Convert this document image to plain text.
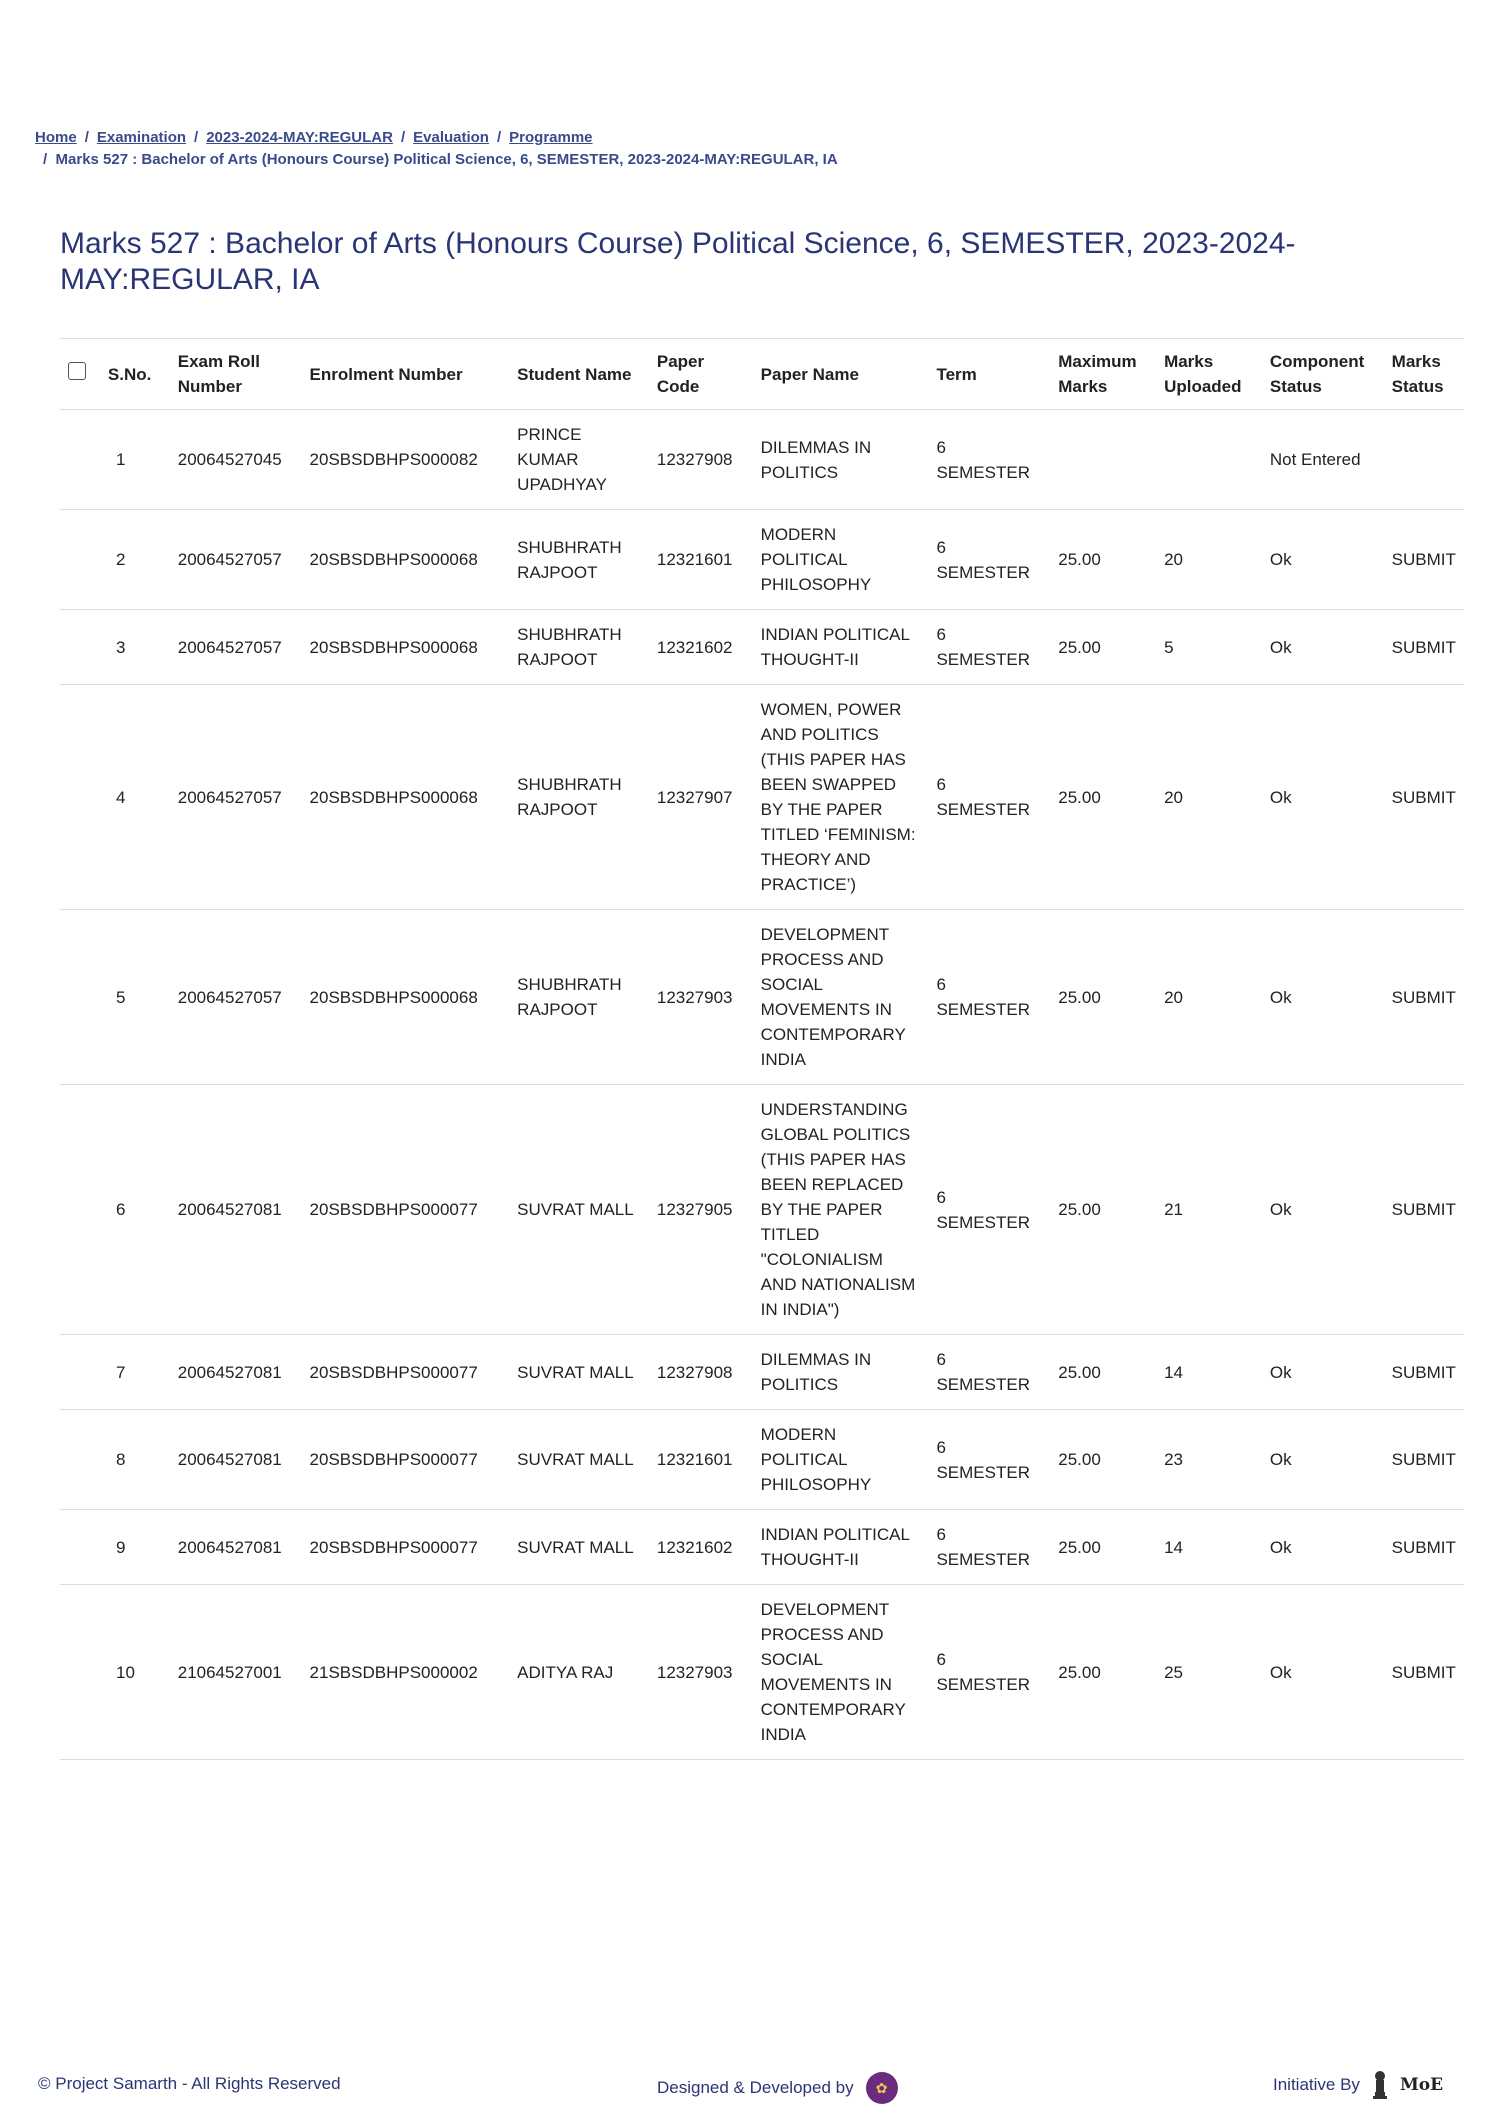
Home / Examination / 2023-2024-MAY:REGULAR / Evaluation / Programme
/ Marks 527 : Bachelor of Arts (Honours Course) Political Science, 6, SEMESTER, 2023-2024-MAY:REGULAR, IA
Marks 527 : Bachelor of Arts (Honours Course) Political Science, 6, SEMESTER, 2023-2024-MAY:REGULAR, IA
	S.No.	Exam Roll Number	Enrolment Number	Student Name	Paper Code	Paper Name	Term	Maximum Marks	Marks Uploaded	Component Status	Marks Status
1		20064527045	20SBSDBHPS000082	PRINCE KUMAR UPADHYAY	12327908	DILEMMAS IN POLITICS	6 SEMESTER			Not Entered	
2		20064527057	20SBSDBHPS000068	SHUBHRATH RAJPOOT	12321601	MODERN POLITICAL PHILOSOPHY	6 SEMESTER	25.00	20	Ok	SUBMIT
3		20064527057	20SBSDBHPS000068	SHUBHRATH RAJPOOT	12321602	INDIAN POLITICAL THOUGHT-II	6 SEMESTER	25.00	5	Ok	SUBMIT
4		20064527057	20SBSDBHPS000068	SHUBHRATH RAJPOOT	12327907	WOMEN, POWER AND POLITICS (THIS PAPER HAS BEEN SWAPPED BY THE PAPER TITLED ‘FEMINISM: THEORY AND PRACTICE’)	6 SEMESTER	25.00	20	Ok	SUBMIT
5		20064527057	20SBSDBHPS000068	SHUBHRATH RAJPOOT	12327903	DEVELOPMENT PROCESS AND SOCIAL MOVEMENTS IN CONTEMPORARY INDIA	6 SEMESTER	25.00	20	Ok	SUBMIT
6		20064527081	20SBSDBHPS000077	SUVRAT MALL	12327905	UNDERSTANDING GLOBAL POLITICS (THIS PAPER HAS BEEN REPLACED BY THE PAPER TITLED "COLONIALISM AND NATIONALISM IN INDIA")	6 SEMESTER	25.00	21	Ok	SUBMIT
7		20064527081	20SBSDBHPS000077	SUVRAT MALL	12327908	DILEMMAS IN POLITICS	6 SEMESTER	25.00	14	Ok	SUBMIT
8		20064527081	20SBSDBHPS000077	SUVRAT MALL	12321601	MODERN POLITICAL PHILOSOPHY	6 SEMESTER	25.00	23	Ok	SUBMIT
9		20064527081	20SBSDBHPS000077	SUVRAT MALL	12321602	INDIAN POLITICAL THOUGHT-II	6 SEMESTER	25.00	14	Ok	SUBMIT
10		21064527001	21SBSDBHPS000002	ADITYA RAJ	12327903	DEVELOPMENT PROCESS AND SOCIAL MOVEMENTS IN CONTEMPORARY INDIA	6 SEMESTER	25.00	25	Ok	SUBMIT
© Project Samarth - All Rights Reserved	Designed & Developed by	✿	Initiative By MoE
